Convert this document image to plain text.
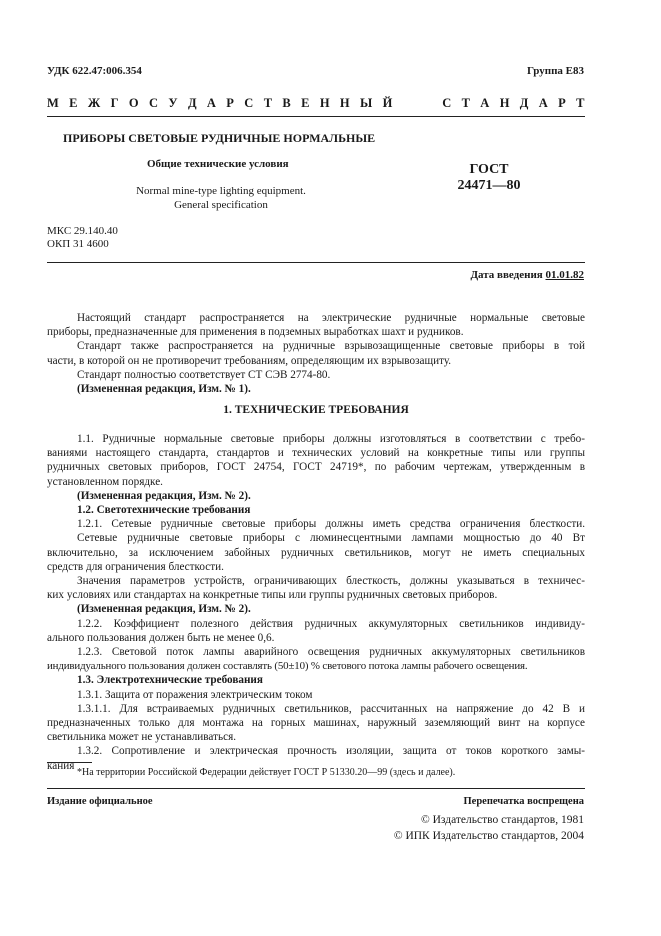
УДК 622.47:006.354	Группа Е83
М Е Ж Г О С У Д А Р С Т В Е Н Н Ы Й     С Т А Н Д А Р Т
ПРИБОРЫ СВЕТОВЫЕ РУДНИЧНЫЕ НОРМАЛЬНЫЕ
Общие технические условия
Normal mine-type lighting equipment.
General specification
ГОСТ
24471—80
МКС 29.140.40
ОКП 31 4600
Дата введения 01.01.82

Настоящий стандарт распространяется на электрические рудничные нормальные световые

приборы, предназначенные для применения в подземных выработках шахт и рудников.

Стандарт также распространяется на рудничные взрывозащищенные световые приборы в той

части, в которой он не противоречит требованиям, определяющим их взрывозащиту.

Стандарт полностью соответствует СТ СЭВ 2774-80.

(Измененная редакция, Изм. № 1).

1. ТЕХНИЧЕСКИЕ ТРЕБОВАНИЯ

1.1. Рудничные нормальные световые приборы должны изготовляться в соответствии с требо-

ваниями настоящего стандарта, стандартов и технических условий на конкретные типы или группы

рудничных световых приборов, ГОСТ 24754, ГОСТ 24719*, по рабочим чертежам, утвержденным в

установленном порядке.

(Измененная редакция, Изм. № 2).

1.2. Светотехнические требования

1.2.1. Сетевые рудничные световые приборы должны иметь средства ограничения блесткости.

Сетевые рудничные световые приборы с люминесцентными лампами мощностью до 40 Вт

включительно, за исключением забойных рудничных светильников, могут не иметь специальных

средств для ограничения блесткости.

Значения параметров устройств, ограничивающих блесткость, должны указываться в техничес-

ких условиях или стандартах на конкретные типы или группы рудничных световых приборов.

(Измененная редакция, Изм. № 2).

1.2.2. Коэффициент полезного действия рудничных аккумуляторных светильников индивиду-

ального пользования должен быть не менее 0,6.

1.2.3. Световой поток лампы аварийного освещения рудничных аккумуляторных светильников

индивидуального пользования должен составлять (50±10) % светового потока лампы рабочего освещения.

1.3. Электротехнические требования

1.3.1. Защита от поражения электрическим током

1.3.1.1. Для встраиваемых рудничных светильников, рассчитанных на напряжение до 42 В и

предназначенных только для монтажа на горных машинах, наружный заземляющий винт на корпусе

светильника может не устанавливаться.

1.3.2. Сопротивление и электрическая прочность изоляции, защита от токов короткого замы-

кания

*На территории Российской Федерации действует ГОСТ Р 51330.20—99 (здесь и далее).
Издание официальное	Перепечатка воспрещена
© Издательство стандартов, 1981
© ИПК Издательство стандартов, 2004
